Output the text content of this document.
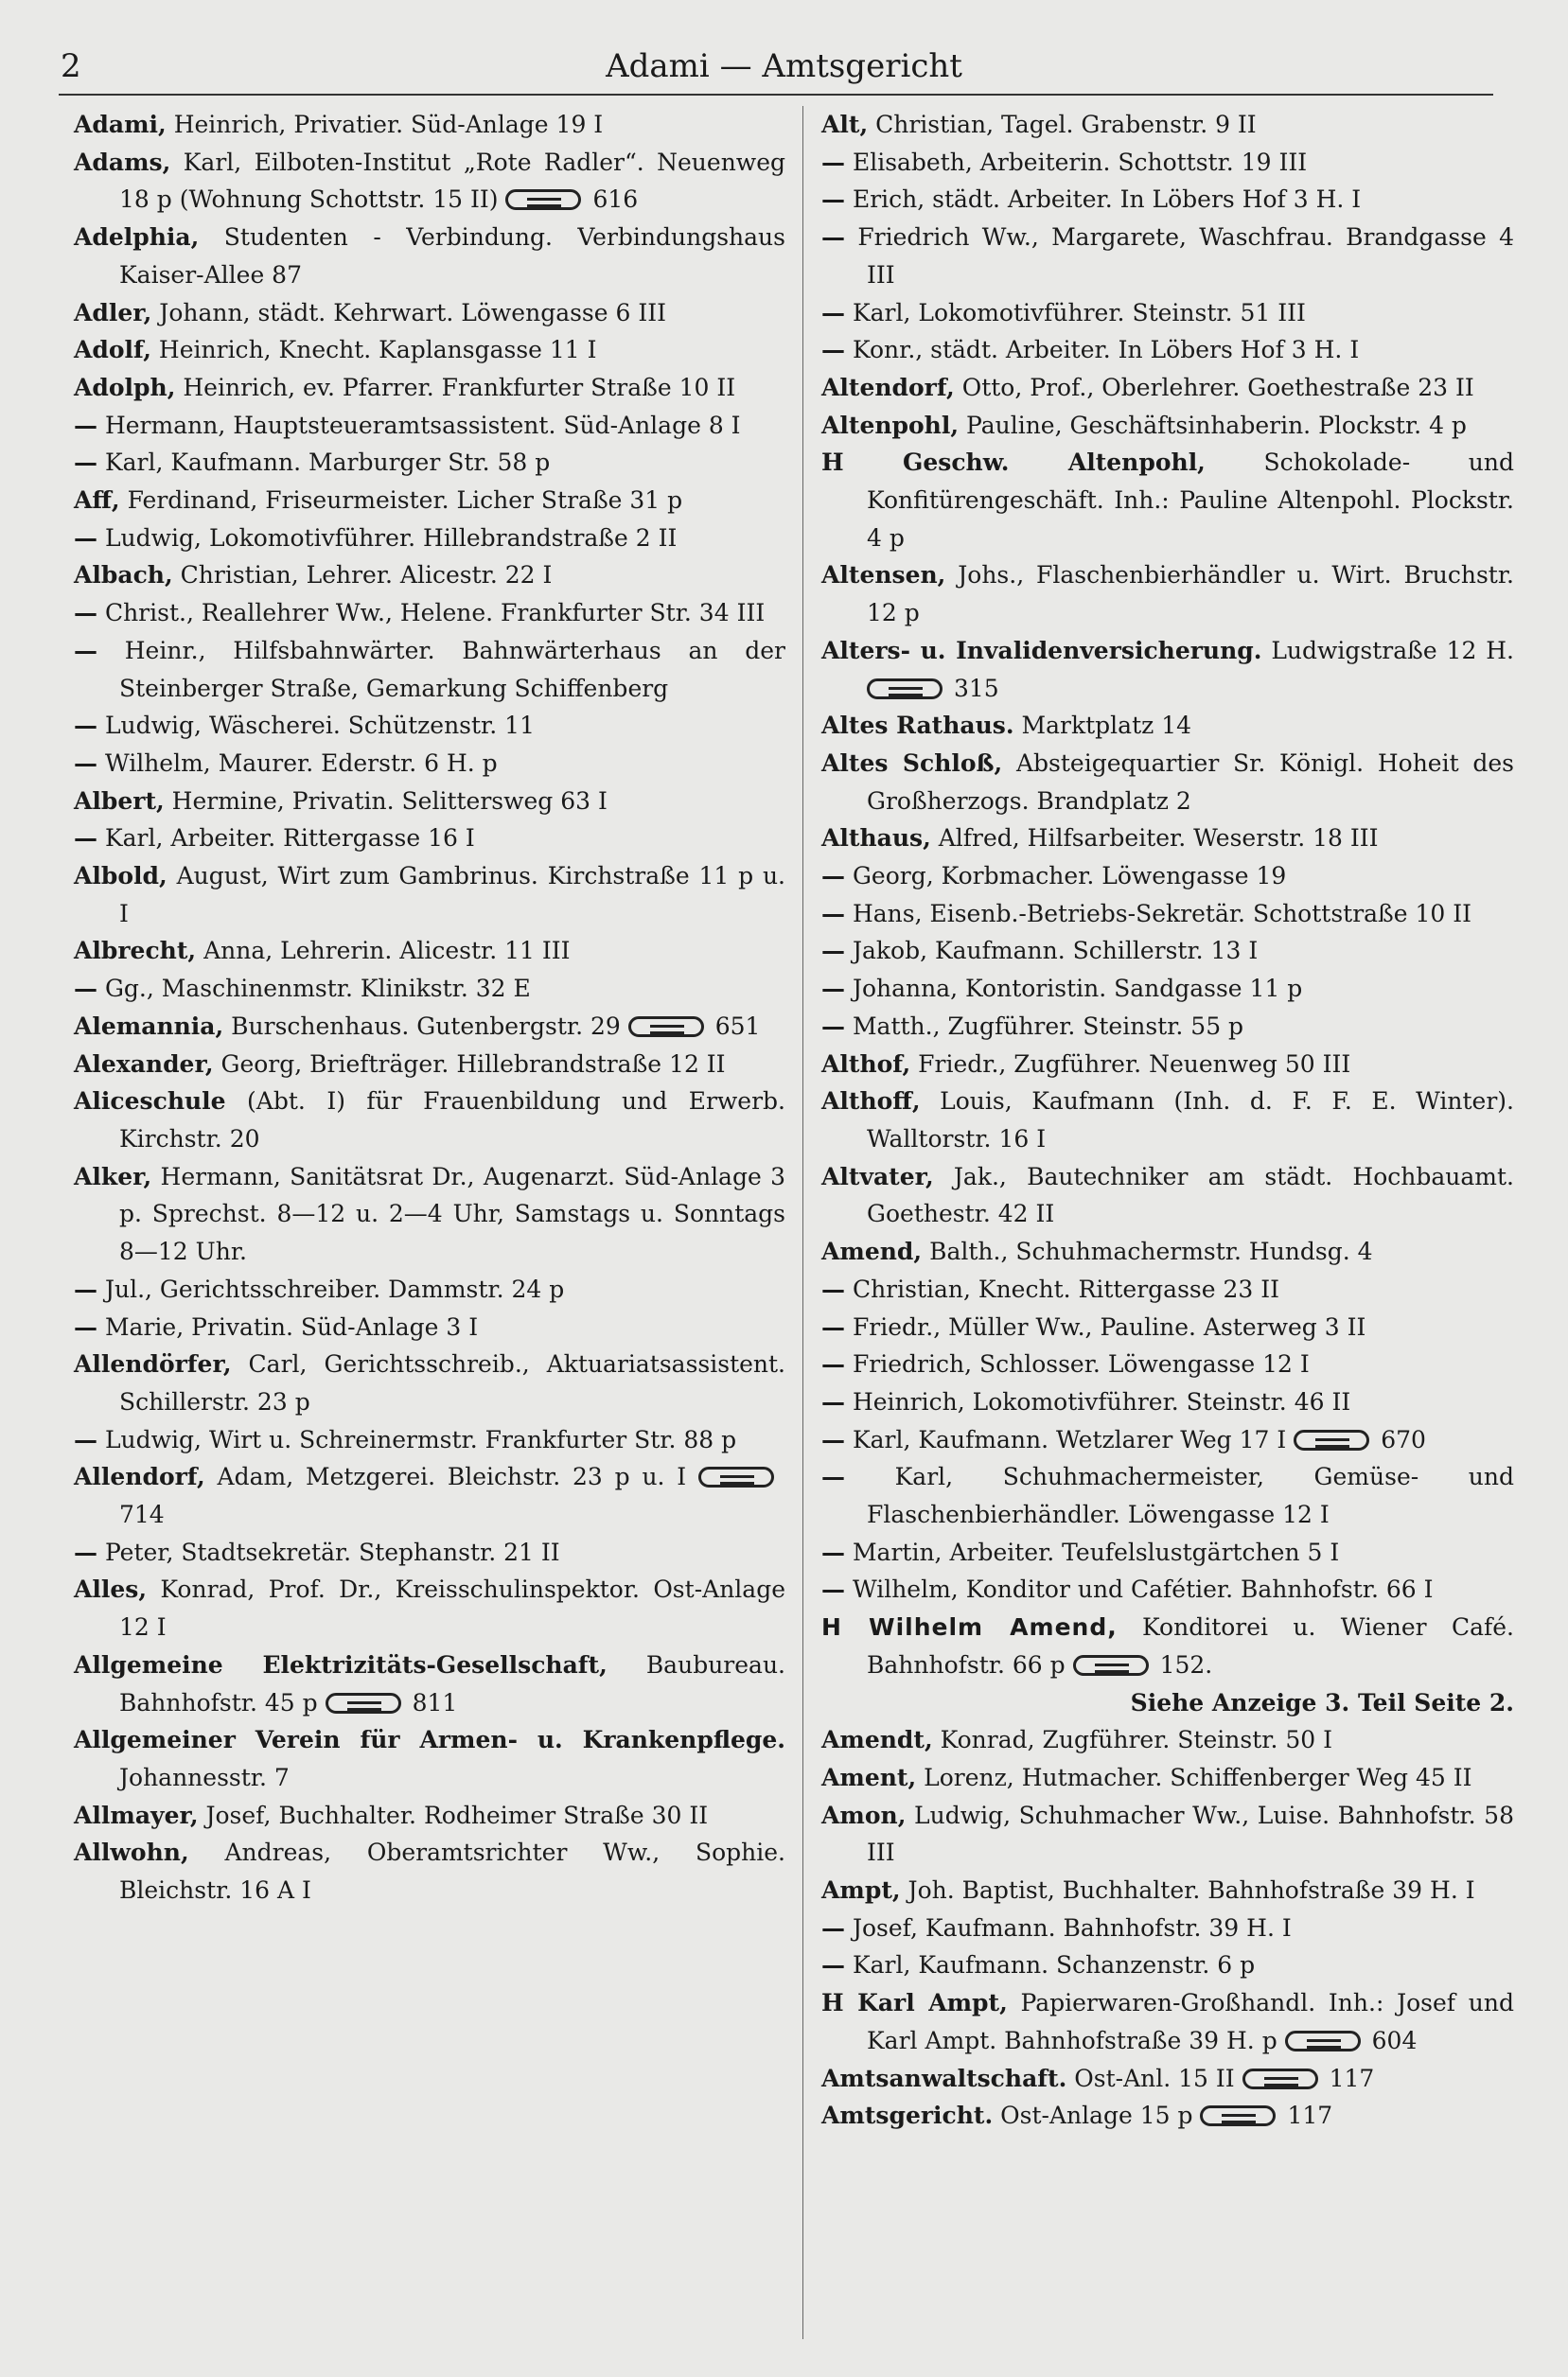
2	Adami — Amtsgericht

Adami, Heinrich, Privatier. Süd-Anlage 19 I

Adams, Karl, Eilboten-Institut „Rote Radler“. Neuenweg 18 p (Wohnung Schottstr. 15 II)	616

Adelphia, Studenten - Verbindung. Verbindungshaus Kaiser-Allee 87

Adler, Johann, städt. Kehrwart. Löwengasse 6 III

Adolf, Heinrich, Knecht. Kaplansgasse 11 I

Adolph, Heinrich, ev. Pfarrer. Frankfurter Straße 10 II

— Hermann, Hauptsteueramtsassistent. Süd-Anlage 8 I

— Karl, Kaufmann. Marburger Str. 58 p

Aff, Ferdinand, Friseurmeister. Licher Straße 31 p

— Ludwig, Lokomotivführer. Hillebrandstraße 2 II

Albach, Christian, Lehrer. Alicestr. 22 I

— Christ., Reallehrer Ww., Helene. Frankfurter Str. 34 III

— Heinr., Hilfsbahnwärter. Bahnwärterhaus an der Steinberger Straße, Gemarkung Schiffenberg

— Ludwig, Wäscherei. Schützenstr. 11

— Wilhelm, Maurer. Ederstr. 6 H. p

Albert, Hermine, Privatin. Selittersweg 63 I

— Karl, Arbeiter. Rittergasse 16 I

Albold, August, Wirt zum Gambrinus. Kirchstraße 11 p u. I

Albrecht, Anna, Lehrerin. Alicestr. 11 III

— Gg., Maschinenmstr. Klinikstr. 32 E

Alemannia, Burschenhaus. Gutenbergstr. 29	651

Alexander, Georg, Briefträger. Hillebrandstraße 12 II

Aliceschule (Abt. I) für Frauenbildung und Erwerb. Kirchstr. 20

Alker, Hermann, Sanitätsrat Dr., Augenarzt. Süd-Anlage 3 p. Sprechst. 8—12 u. 2—4 Uhr, Samstags u. Sonntags 8—12 Uhr.

— Jul., Gerichtsschreiber. Dammstr. 24 p

— Marie, Privatin. Süd-Anlage 3 I

Allendörfer, Carl, Gerichtsschreib., Aktuariatsassistent. Schillerstr. 23 p

— Ludwig, Wirt u. Schreinermstr. Frankfurter Str. 88 p

Allendorf, Adam, Metzgerei. Bleichstr. 23 p u. I 714

— Peter, Stadtsekretär. Stephanstr. 21 II

Alles, Konrad, Prof. Dr., Kreisschulinspektor. Ost-Anlage 12 I

Allgemeine Elektrizitäts-Gesellschaft, Baubureau. Bahnhofstr. 45 p	811

Allgemeiner Verein für Armen- u. Krankenpflege. Johannesstr. 7

Allmayer, Josef, Buchhalter. Rodheimer Straße 30 II

Allwohn, Andreas, Oberamtsrichter Ww., Sophie. Bleichstr. 16 A I

Alt, Christian, Tagel. Grabenstr. 9 II

— Elisabeth, Arbeiterin. Schottstr. 19 III

— Erich, städt. Arbeiter. In Löbers Hof 3 H. I

— Friedrich Ww., Margarete, Waschfrau. Brandgasse 4 III

— Karl, Lokomotivführer. Steinstr. 51 III

— Konr., städt. Arbeiter. In Löbers Hof 3 H. I

Altendorf, Otto, Prof., Oberlehrer. Goethestraße 23 II

Altenpohl, Pauline, Geschäftsinhaberin. Plockstr. 4 p

H Geschw. Altenpohl, Schokolade- und Konfitürengeschäft. Inh.: Pauline Altenpohl. Plockstr. 4 p

Altensen, Johs., Flaschenbierhändler u. Wirt. Bruchstr. 12 p

Alters- u. Invalidenversicherung. Ludwigstraße 12 H. 315

Altes Rathaus. Marktplatz 14

Altes Schloß, Absteigequartier Sr. Königl. Hoheit des Großherzogs. Brandplatz 2

Althaus, Alfred, Hilfsarbeiter. Weserstr. 18 III

— Georg, Korbmacher. Löwengasse 19

— Hans, Eisenb.-Betriebs-Sekretär. Schottstraße 10 II

— Jakob, Kaufmann. Schillerstr. 13 I

— Johanna, Kontoristin. Sandgasse 11 p

— Matth., Zugführer. Steinstr. 55 p

Althof, Friedr., Zugführer. Neuenweg 50 III

Althoff, Louis, Kaufmann (Inh. d. F. F. E. Winter). Walltorstr. 16 I

Altvater, Jak., Bautechniker am städt. Hochbauamt. Goethestr. 42 II

Amend, Balth., Schuhmachermstr. Hundsg. 4

— Christian, Knecht. Rittergasse 23 II

— Friedr., Müller Ww., Pauline. Asterweg 3 II

— Friedrich, Schlosser. Löwengasse 12 I

— Heinrich, Lokomotivführer. Steinstr. 46 II

— Karl, Kaufmann. Wetzlarer Weg 17 I	670

— Karl, Schuhmachermeister, Gemüse- und Flaschenbierhändler. Löwengasse 12 I

— Martin, Arbeiter. Teufelslustgärtchen 5 I

— Wilhelm, Konditor und Cafétier. Bahnhofstr. 66 I

H Wilhelm Amend, Konditorei u. Wiener Café. Bahnhofstr. 66 p	152.

Siehe Anzeige 3. Teil Seite 2.

Amendt, Konrad, Zugführer. Steinstr. 50 I

Ament, Lorenz, Hutmacher. Schiffenberger Weg 45 II

Amon, Ludwig, Schuhmacher Ww., Luise. Bahnhofstr. 58 III

Ampt, Joh. Baptist, Buchhalter. Bahnhofstraße 39 H. I

— Josef, Kaufmann. Bahnhofstr. 39 H. I

— Karl, Kaufmann. Schanzenstr. 6 p

H Karl Ampt, Papierwaren-Großhandl. Inh.: Josef und Karl Ampt. Bahnhofstraße 39 H. p	604

Amtsanwaltschaft. Ost-Anl. 15 II	117

Amtsgericht. Ost-Anlage 15 p	117
